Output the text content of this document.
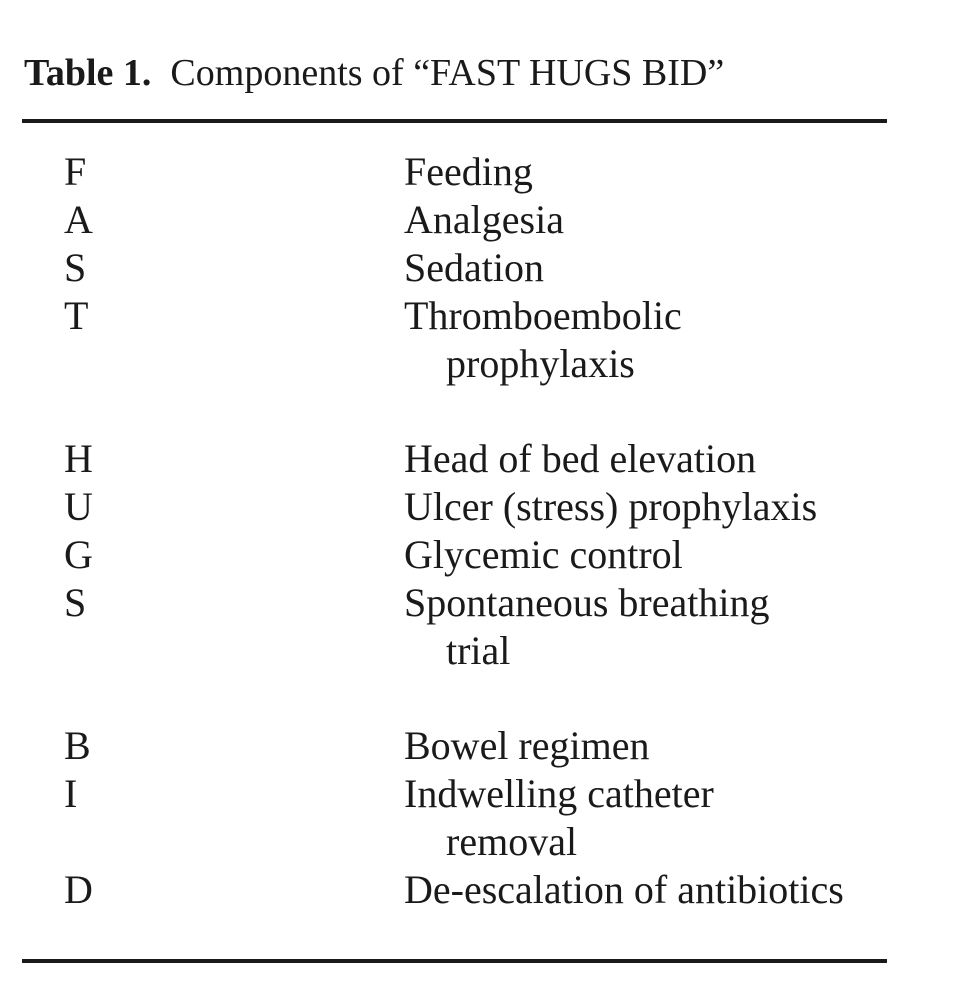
Table 1. Components of “FAST HUGS BID”
F	Feeding
A	Analgesia
S	Sedation
T	Thromboembolic
prophylaxis
H	Head of bed elevation
U	Ulcer (stress) prophylaxis
G	Glycemic control
S	Spontaneous breathing
trial
B	Bowel regimen
I	Indwelling catheter
removal
D	De-escalation of antibiotics
